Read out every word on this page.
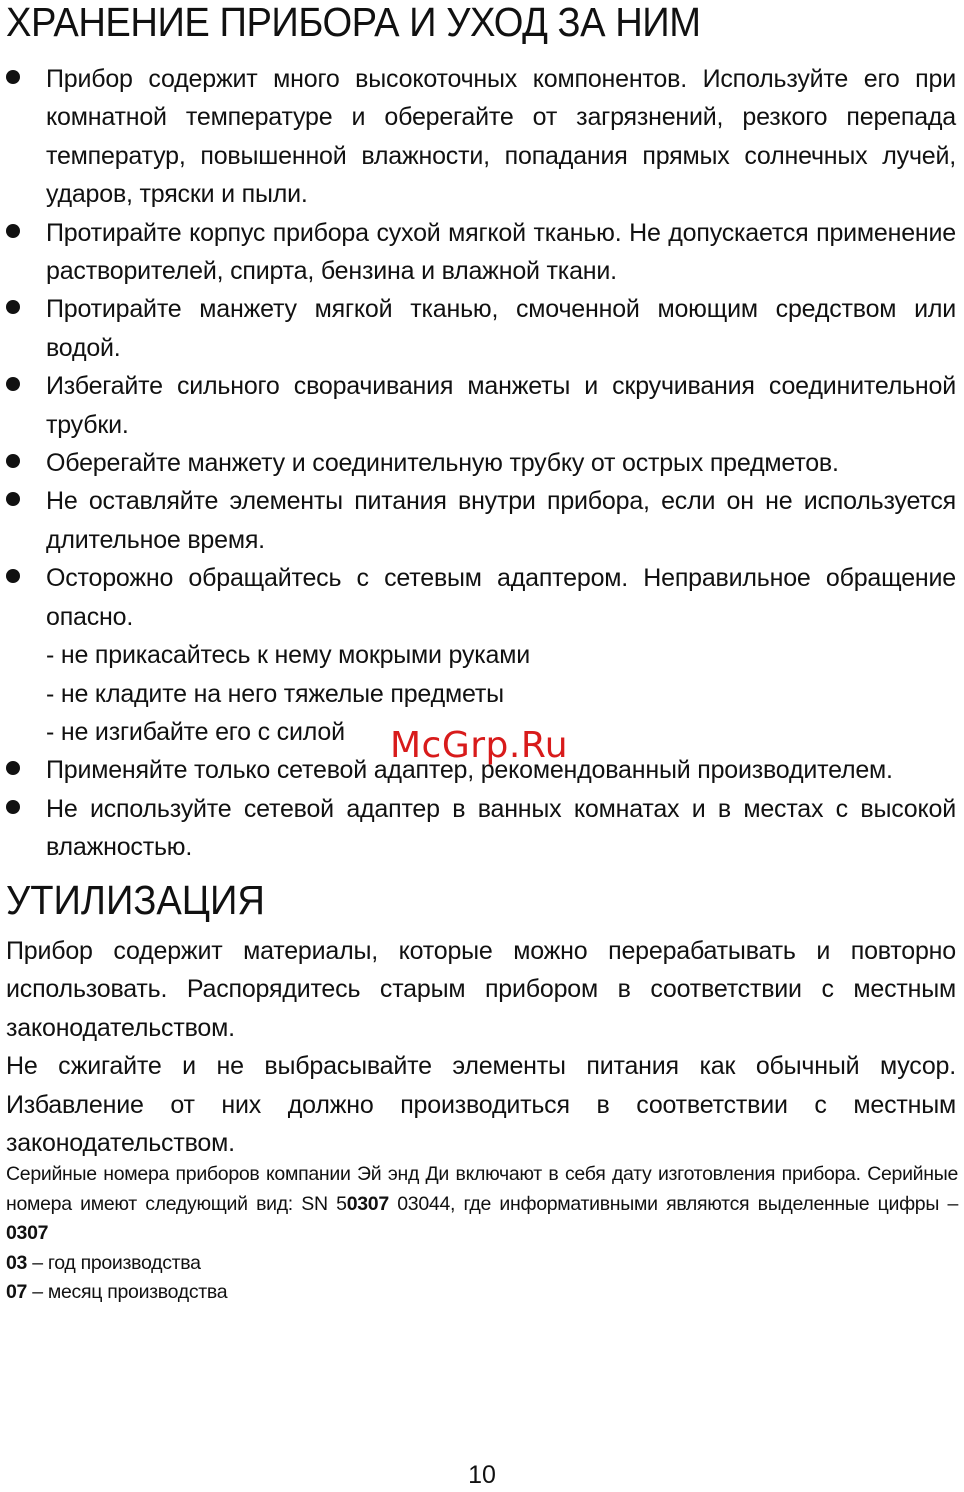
ХРАНЕНИЕ ПРИБОРА И УХОД ЗА НИМ

Прибор содержит много высокоточных компонентов. Используйте его при комнатной температуре и оберегайте от загрязнений, резкого перепада температур, повышенной влажности, попадания прямых солнечных лучей, ударов, тряски и пыли.

Протирайте корпус прибора сухой мягкой тканью. Не допускается применение растворителей, спирта, бензина и влажной ткани.

Протирайте манжету мягкой тканью, смоченной моющим средством или водой.

Избегайте сильного сворачивания манжеты и скручивания соединительной трубки.

Оберегайте манжету и соединительную трубку от острых предметов.

Не оставляйте элементы питания внутри прибора, если он не используется длительное время.

Осторожно обращайтесь с сетевым адаптером. Неправильное обращение опасно.

- не прикасайтесь к нему мокрыми руками

- не кладите на него тяжелые предметы

- не изгибайте его с силой

Применяйте только сетевой адаптер, рекомендованный производителем.

Не используйте сетевой адаптер в ванных комнатах и в местах с высокой влажностью.

McGrp.Ru
УТИЛИЗАЦИЯ

Прибор содержит материалы, которые можно перерабатывать и повторно использовать. Распорядитесь старым прибором в соответствии с местным законодательством.

Не сжигайте и не выбрасывайте элементы питания как обычный мусор. Избавление от них должно производиться в соответствии с местным законодательством.

Серийные номера приборов компании Эй энд Ди включают в себя дату изготовления прибора. Серийные номера имеют следующий вид: SN 50307 03044, где информативными являются выделенные цифры – 0307

03 – год производства

07 – месяц производства

10
